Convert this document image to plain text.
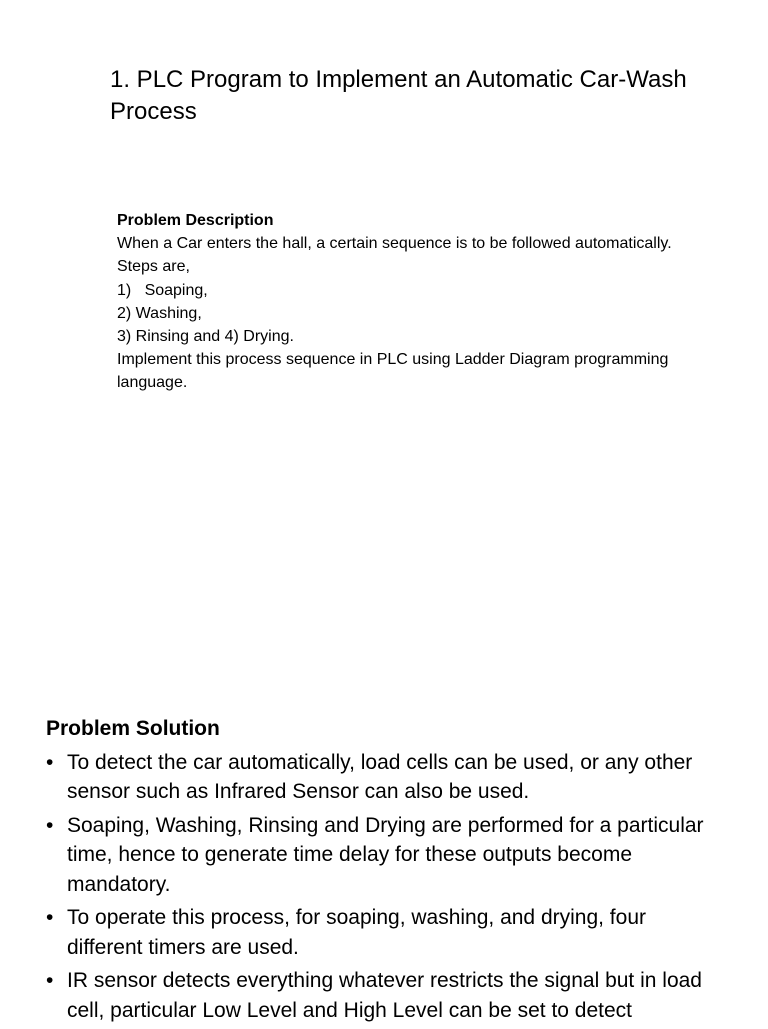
1. PLC Program to Implement an Automatic Car-Wash Process
Problem Description
When a Car enters the hall, a certain sequence is to be followed automatically.
Steps are,
1)   Soaping,
2) Washing,
3) Rinsing and 4) Drying.
Implement this process sequence in PLC using Ladder Diagram programming language.
Problem Solution
• To detect the car automatically, load cells can be used, or any other sensor such as Infrared Sensor can also be used.
• Soaping, Washing, Rinsing and Drying are performed for a particular time, hence to generate time delay for these outputs become mandatory.
• To operate this process, for soaping, washing, and drying, four different timers are used.
• IR sensor detects everything whatever restricts the signal but in load cell, particular Low Level and High Level can be set to detect
